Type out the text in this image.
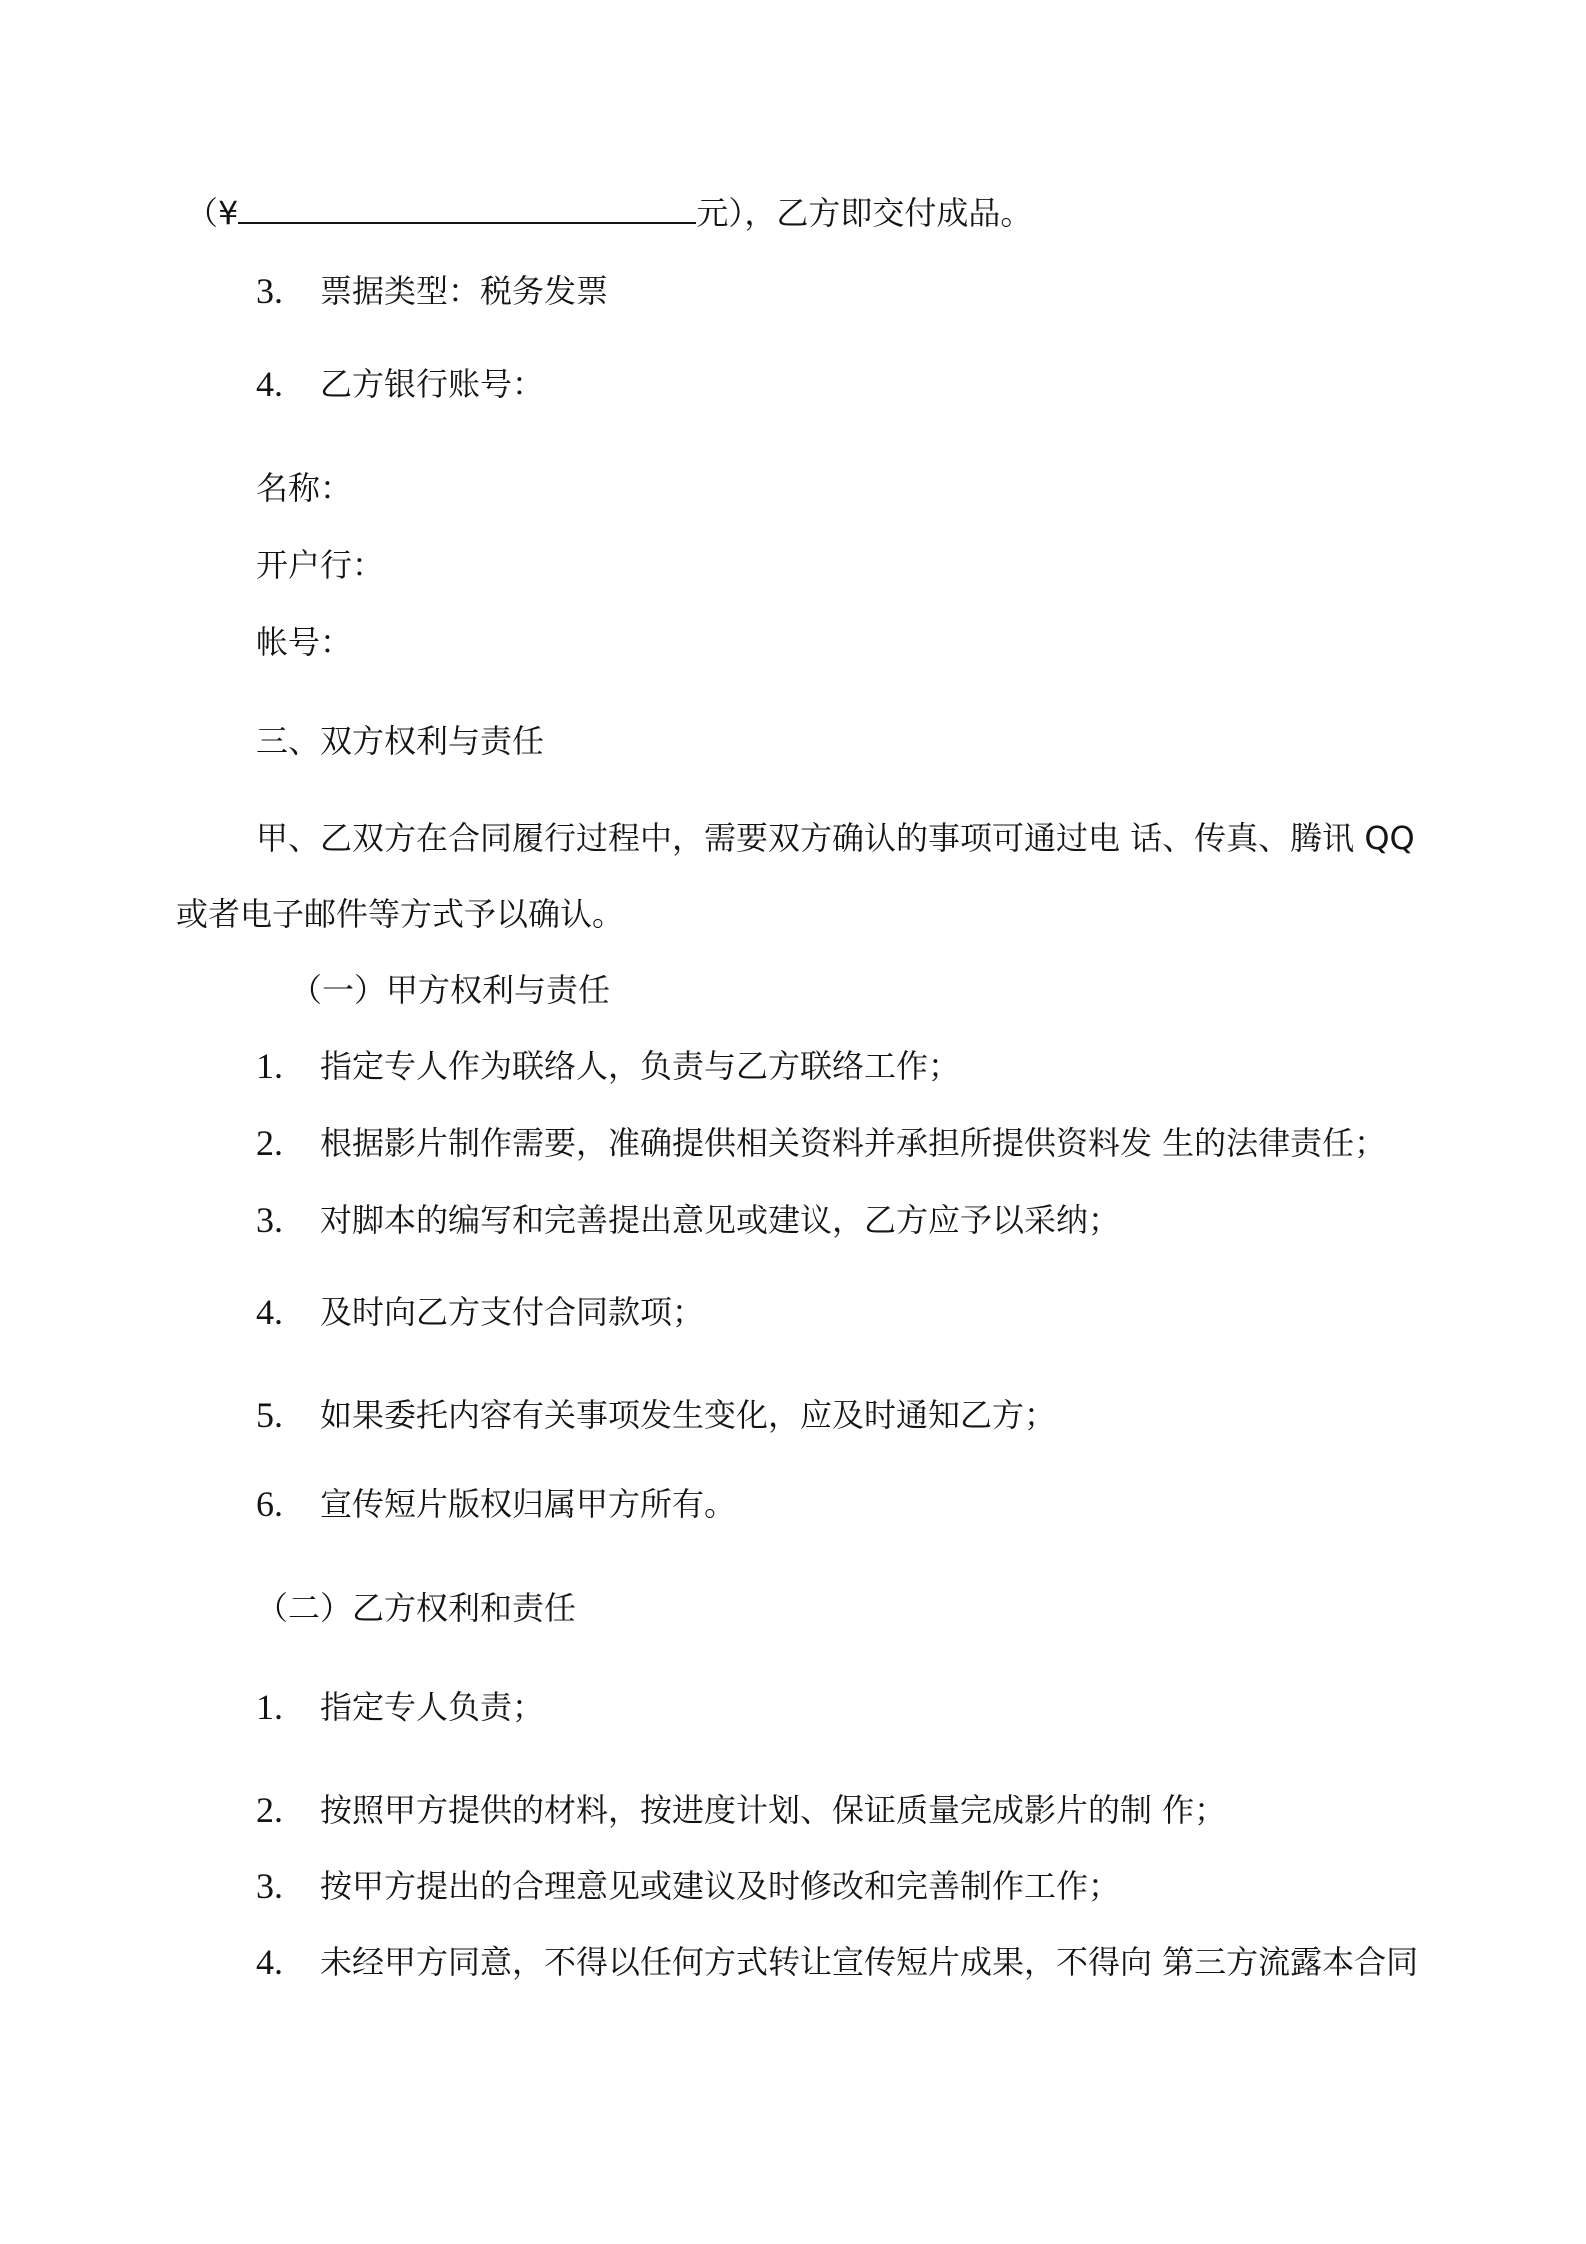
（¥	元），乙方即交付成品。
3. 票据类型：税务发票
4. 乙方银行账号：
名称：
开户行：
帐号：
三、双方权利与责任
甲、乙双方在合同履行过程中，需要双方确认的事项可通过电 话、传真、腾讯 QQ
或者电子邮件等方式予以确认。
（一）甲方权利与责任
1. 指定专人作为联络人，负责与乙方联络工作；
2. 根据影片制作需要，准确提供相关资料并承担所提供资料发 生的法律责任；
3. 对脚本的编写和完善提出意见或建议，乙方应予以采纳；
4. 及时向乙方支付合同款项；
5. 如果委托内容有关事项发生变化，应及时通知乙方；
6. 宣传短片版权归属甲方所有。
（二）乙方权利和责任
1. 指定专人负责；
2. 按照甲方提供的材料，按进度计划、保证质量完成影片的制 作；
3. 按甲方提出的合理意见或建议及时修改和完善制作工作；
4. 未经甲方同意，不得以任何方式转让宣传短片成果，不得向 第三方流露本合同
